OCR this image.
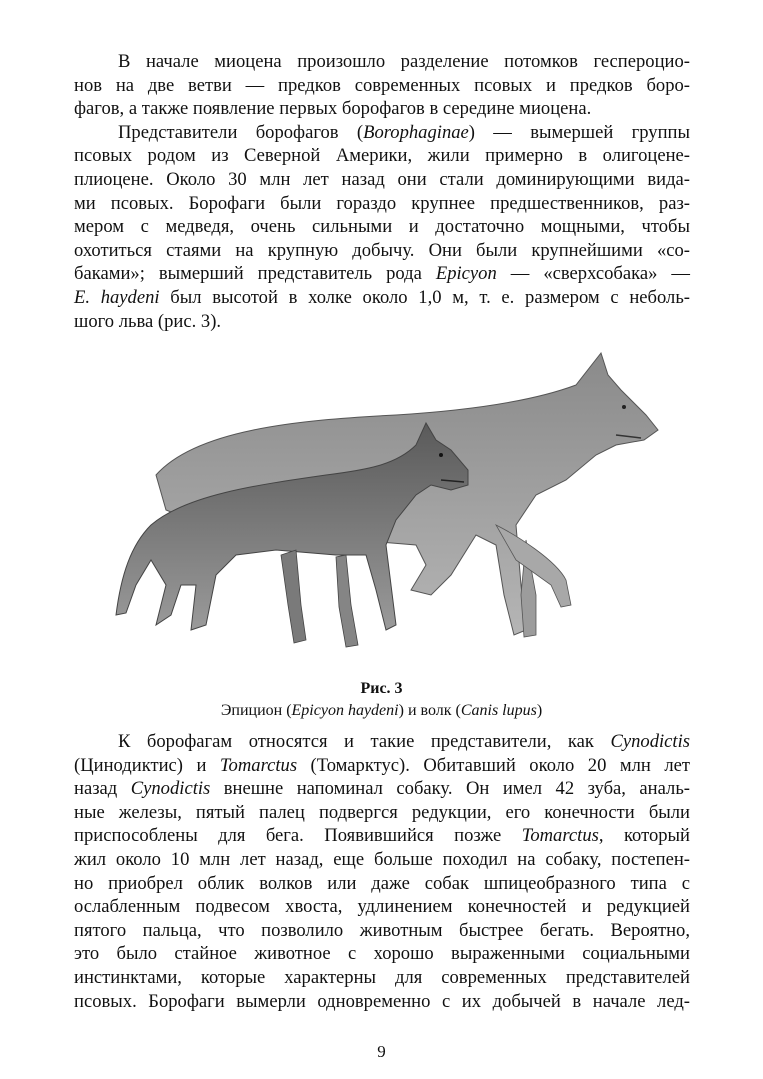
В начале миоцена произошло разделение потомков гесперoцио-
нов на две ветви — предков современных псовых и предков боро-
фагов, а также появление первых борофагов в середине миоцена.
Представители борофагов (Borophaginae) — вымершей группы
псовых родом из Северной Америки, жили примерно в олигоцене-
плиоцене. Около 30 млн лет назад они стали доминирующими вида-
ми псовых. Борофаги были гораздо крупнее предшественников, раз-
мером с медведя, очень сильными и достаточно мощными, чтобы
охотиться стаями на крупную добычу. Они были крупнейшими «со-
баками»; вымерший представитель рода Epicyon — «сверхсобака» —
E. haydeni был высотой в холке около 1,0 м, т. е. размером с неболь-
шого льва (рис. 3).
Рис. 3
Эпицион (Epicyon haydeni) и волк (Canis lupus)
К борофагам относятся и такие представители, как Cynodictis
(Цинодиктис) и Tomarctus (Томарктус). Обитавший около 20 млн лет
назад Cynodictis внешне напоминал собаку. Он имел 42 зуба, аналь-
ные железы, пятый палец подвергся редукции, его конечности были
приспособлены для бега. Появившийся позже Tomarctus, который
жил около 10 млн лет назад, еще больше походил на собаку, постепен-
но приобрел облик волков или даже собак шпицеобразного типа с
ослабленным подвесом хвоста, удлинением конечностей и редукцией
пятого пальца, что позволило животным быстрее бегать. Вероятно,
это было стайное животное с хорошо выраженными социальными
инстинктами, которые характерны для современных представителей
псовых. Борофаги вымерли одновременно с их добычей в начале лед-
9
